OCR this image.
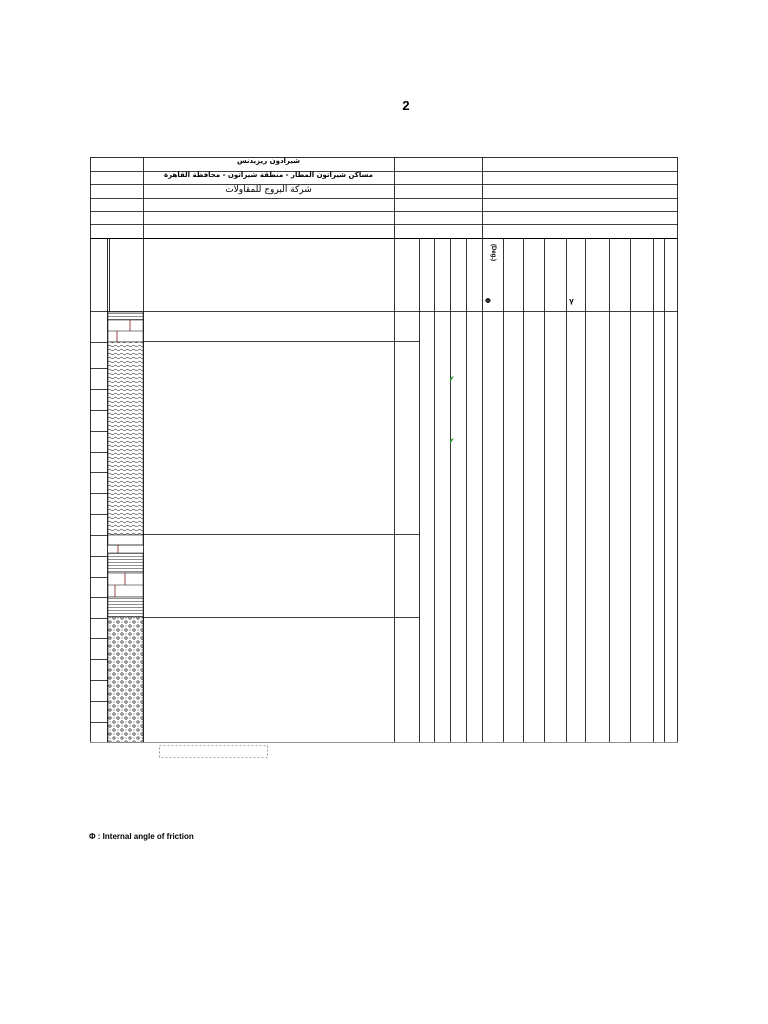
2
شيرادون ريزيدنس
مساكن شيراتون المطار - منطقة شيراتون - محافظة القاهرة
شركة البروج للمقاولات
(Deg.)
Φ	γ
Φ : Internal angle of friction
